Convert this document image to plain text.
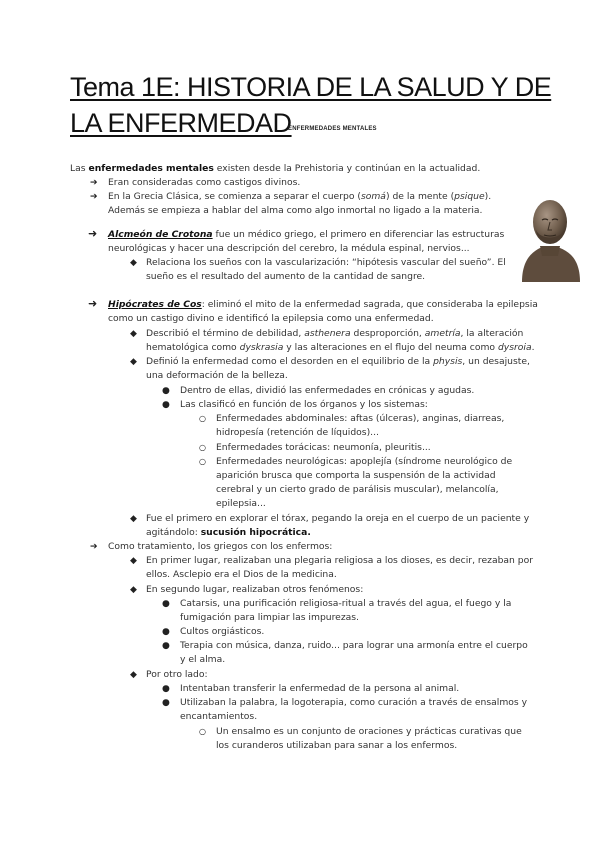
Tema 1E: HISTORIA DE LA SALUD Y DE
LA ENFERMEDAD
ENFERMEDADES MENTALES
Las enfermedades mentales existen desde la Prehistoria y continúan en la actualidad.
➔ Eran consideradas como castigos divinos.
➔ En la Grecia Clásica, se comienza a separar el cuerpo (somá) de la mente (psique).
Además se empieza a hablar del alma como algo inmortal no ligado a la materia.
➜ Alcmeón de Crotona fue un médico griego, el primero en diferenciar las estructuras
neurológicas y hacer una descripción del cerebro, la médula espinal, nervios...
◆ Relaciona los sueños con la vascularización: “hipótesis vascular del sueño”. El
sueño es el resultado del aumento de la cantidad de sangre.
➜ Hipócrates de Cos: eliminó el mito de la enfermedad sagrada, que consideraba la epilepsia
como un castigo divino e identificó la epilepsia como una enfermedad.
◆ Describió el término de debilidad, asthenera desproporción, ametría, la alteración
hematológica como dyskrasia y las alteraciones en el flujo del neuma como dysroia.
◆ Definió la enfermedad como el desorden en el equilibrio de la physis, un desajuste,
una deformación de la belleza.
● Dentro de ellas, dividió las enfermedades en crónicas y agudas.
● Las clasificó en función de los órganos y los sistemas:
○ Enfermedades abdominales: aftas (úlceras), anginas, diarreas,
hidropesía (retención de líquidos)...
○ Enfermedades torácicas: neumonía, pleuritis...
○ Enfermedades neurológicas: apoplejía (síndrome neurológico de
aparición brusca que comporta la suspensión de la actividad
cerebral y un cierto grado de parálisis muscular), melancolía,
epilepsia...
◆ Fue el primero en explorar el tórax, pegando la oreja en el cuerpo de un paciente y
agitándolo: sucusión hipocrática.
➔ Como tratamiento, los griegos con los enfermos:
◆ En primer lugar, realizaban una plegaria religiosa a los dioses, es decir, rezaban por
ellos. Asclepio era el Dios de la medicina.
◆ En segundo lugar, realizaban otros fenómenos:
● Catarsis, una purificación religiosa-ritual a través del agua, el fuego y la
fumigación para limpiar las impurezas.
● Cultos orgiásticos.
● Terapia con música, danza, ruido... para lograr una armonía entre el cuerpo
y el alma.
◆ Por otro lado:
● Intentaban transferir la enfermedad de la persona al animal.
● Utilizaban la palabra, la logoterapia, como curación a través de ensalmos y
encantamientos.
○ Un ensalmo es un conjunto de oraciones y prácticas curativas que
los curanderos utilizaban para sanar a los enfermos.
